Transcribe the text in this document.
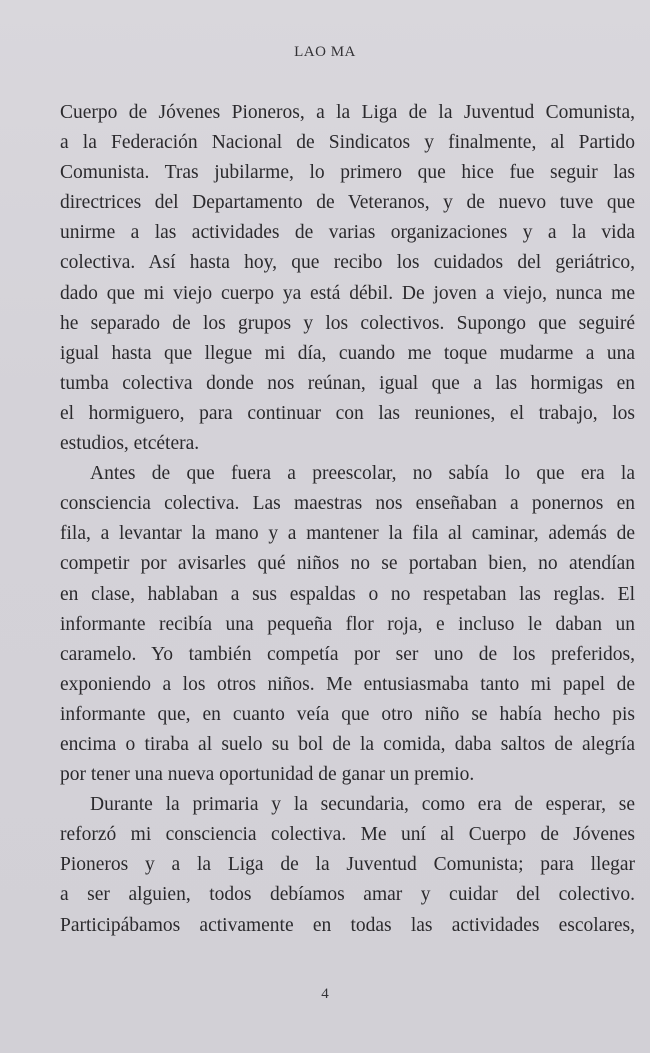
LAO MA
Cuerpo de Jóvenes Pioneros, a la Liga de la Juventud Comunista,
a la Federación Nacional de Sindicatos y finalmente, al Partido
Comunista. Tras jubilarme, lo primero que hice fue seguir las
directrices del Departamento de Veteranos, y de nuevo tuve que
unirme a las actividades de varias organizaciones y a la vida
colectiva. Así hasta hoy, que recibo los cuidados del geriátrico,
dado que mi viejo cuerpo ya está débil. De joven a viejo, nunca me
he separado de los grupos y los colectivos. Supongo que seguiré
igual hasta que llegue mi día, cuando me toque mudarme a una
tumba colectiva donde nos reúnan, igual que a las hormigas en
el hormiguero, para continuar con las reuniones, el trabajo, los
estudios, etcétera.
Antes de que fuera a preescolar, no sabía lo que era la
consciencia colectiva. Las maestras nos enseñaban a ponernos en
fila, a levantar la mano y a mantener la fila al caminar, además de
competir por avisarles qué niños no se portaban bien, no atendían
en clase, hablaban a sus espaldas o no respetaban las reglas. El
informante recibía una pequeña flor roja, e incluso le daban un
caramelo. Yo también competía por ser uno de los preferidos,
exponiendo a los otros niños. Me entusiasmaba tanto mi papel de
informante que, en cuanto veía que otro niño se había hecho pis
encima o tiraba al suelo su bol de la comida, daba saltos de alegría
por tener una nueva oportunidad de ganar un premio.
Durante la primaria y la secundaria, como era de esperar, se
reforzó mi consciencia colectiva. Me uní al Cuerpo de Jóvenes
Pioneros y a la Liga de la Juventud Comunista; para llegar
a ser alguien, todos debíamos amar y cuidar del colectivo.
Participábamos activamente en todas las actividades escolares,
4
